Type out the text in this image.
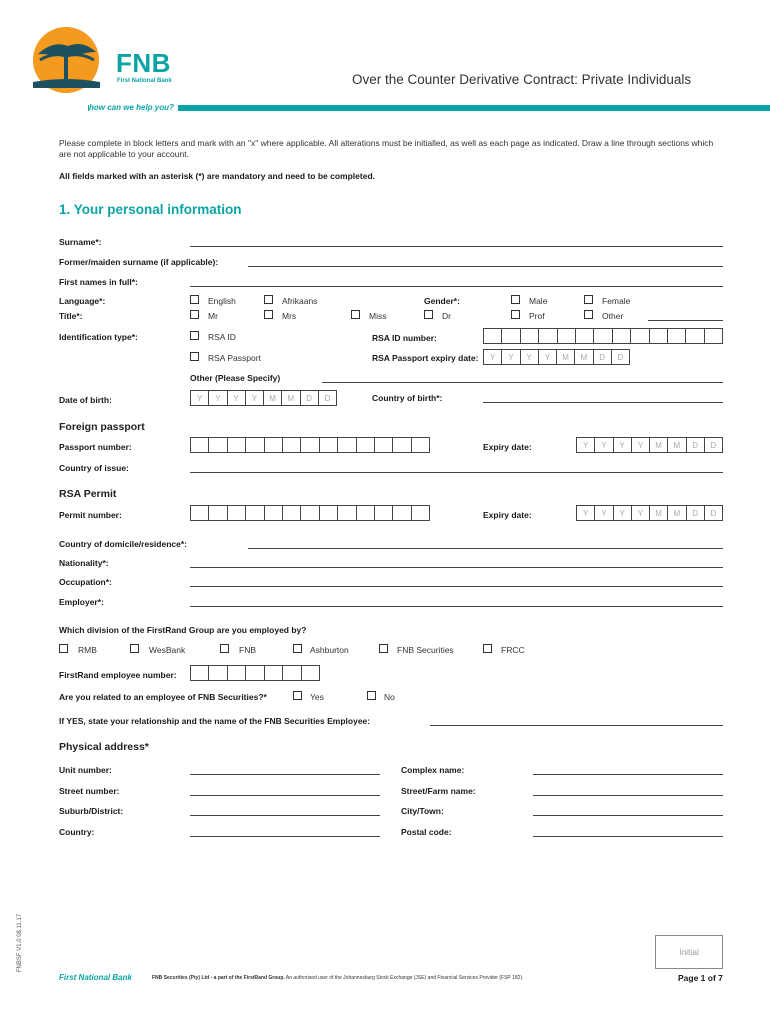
FNB
First National Bank	Over the Counter Derivative Contract: Private Individuals
how can we help you?
Please complete in block letters and mark with an "x" where applicable. All alterations must be initialled, as well as each page as indicated. Draw a line through sections which are not applicable to your account.
All fields marked with an asterisk (*) are mandatory and need to be completed.
1. Your personal information
Surname*:
Former/maiden surname (if applicable):
First names in full*:
Language*:	English	Afrikaans	Gender*:	Male	Female
Title*:	Mr	Mrs	Miss	Dr	Prof	Other
Identification type*:	RSA ID	RSA ID number:
RSA Passport	RSA Passport expiry date:	Y	Y	Y	Y	M	M	D	D
Other (Please Specify)
Date of birth:	Y	Y	Y	Y	M	M	D	D	Country of birth*:
Foreign passport
Passport number:	Expiry date:	Y	Y	Y	Y	M	M	D	D
Country of issue:
RSA Permit
Permit number:	Expiry date:	Y	Y	Y	Y	M	M	D	D
Country of domicile/residence*:
Nationality*:
Occupation*:
Employer*:
Which division of the FirstRand Group are you employed by?
RMB	WesBank	FNB	Ashburton	FNB Securities	FRCC
FirstRand employee number:
Are you related to an employee of FNB Securities?*	Yes	No
If YES, state your relationship and the name of the FNB Securities Employee:
Physical address*
Unit number:	Complex name:
Street number:	Street/Farm name:
Suburb/District:	City/Town:
Country:	Postal code:
FNBSF V1.0 08.11.17	Initial
First National Bank	FNB Securities (Pty) Ltd - a part of the FirstRand Group. An authorised user of the Johannesburg Stock Exchange (JSE) and Financial Services Provider (FSP 182).	Page 1 of 7
